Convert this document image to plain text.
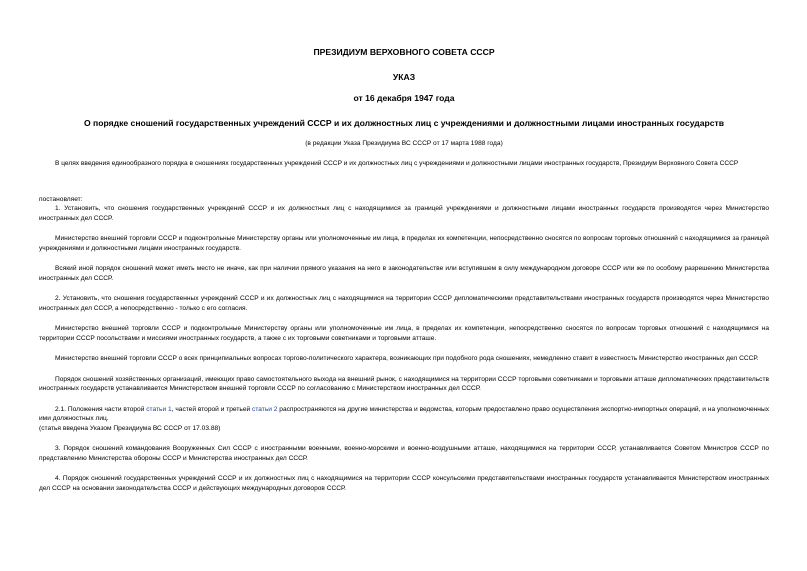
ПРЕЗИДИУМ ВЕРХОВНОГО СОВЕТА СССР
УКАЗ
от 16 декабря 1947 года
О порядке сношений государственных учреждений СССР и их должностных лиц с учреждениями и должностными лицами иностранных государств
(в редакции Указа Президиума ВС СССР от 17 марта 1988 года)

В целях введения единообразного порядка в сношениях государственных учреждений СССР и их должностных лиц с учреждениями и должностными лицами иностранных государств, Президиум Верховного Совета СССР

постановляет:

1. Установить, что сношения государственных учреждений СССР и их должностных лиц с находящимися за границей учреждениями и должностными лицами иностранных государств производятся через Министерство иностранных дел СССР.

Министерство внешней торговли СССР и подконтрольные Министерству органы или уполномоченные им лица, в пределах их компетенции, непосредственно сносятся по вопросам торговых отношений с находящимися за границей учреждениями и должностными лицами иностранных государств.

Всякий иной порядок сношений может иметь место не иначе, как при наличии прямого указания на него в законодательстве или вступившем в силу международном договоре СССР или же по особому разрешению Министерства иностранных дел СССР.

2. Установить, что сношения государственных учреждений СССР и их должностных лиц с находящимися на территории СССР дипломатическими представительствами иностранных государств производятся через Министерство иностранных дел СССР, а непосредственно - только с его согласия.

Министерство внешней торговли СССР и подконтрольные Министерству органы или уполномоченные им лица, в пределах их компетенции, непосредственно сносятся по вопросам торговых отношений с находящимися на территории СССР посольствами и миссиями иностранных государств, а также с их торговыми советниками и торговыми атташе.

Министерство внешней торговли СССР о всех принципиальных вопросах торгово-политического характера, возникающих при подобного рода сношениях, немедленно ставит в известность Министерство иностранных дел СССР.

Порядок сношений хозяйственных организаций, имеющих право самостоятельного выхода на внешний рынок, с находящимися на территории СССР торговыми советниками и торговыми атташе дипломатических представительств иностранных государств устанавливается Министерством внешней торговли СССР по согласованию с Министерством иностранных дел СССР.

2.1. Положения части второй статьи 1, частей второй и третьей статьи 2 распространяются на другие министерства и ведомства, которым предоставлено право осуществления экспортно-импортных операций, и на уполномоченных ими должностных лиц.
(статья введена Указом Президиума ВС СССР от 17.03.88)

3. Порядок сношений командования Вооруженных Сил СССР с иностранными военными, военно-морскими и военно-воздушными атташе, находящимися на территории СССР, устанавливается Советом Министров СССР по представлению Министерства обороны СССР и Министерства иностранных дел СССР.

4. Порядок сношений государственных учреждений СССР и их должностных лиц с находящимися на территории СССР консульскими представительствами иностранных государств устанавливается Министерством иностранных дел СССР на основании законодательства СССР и действующих международных договоров СССР.
